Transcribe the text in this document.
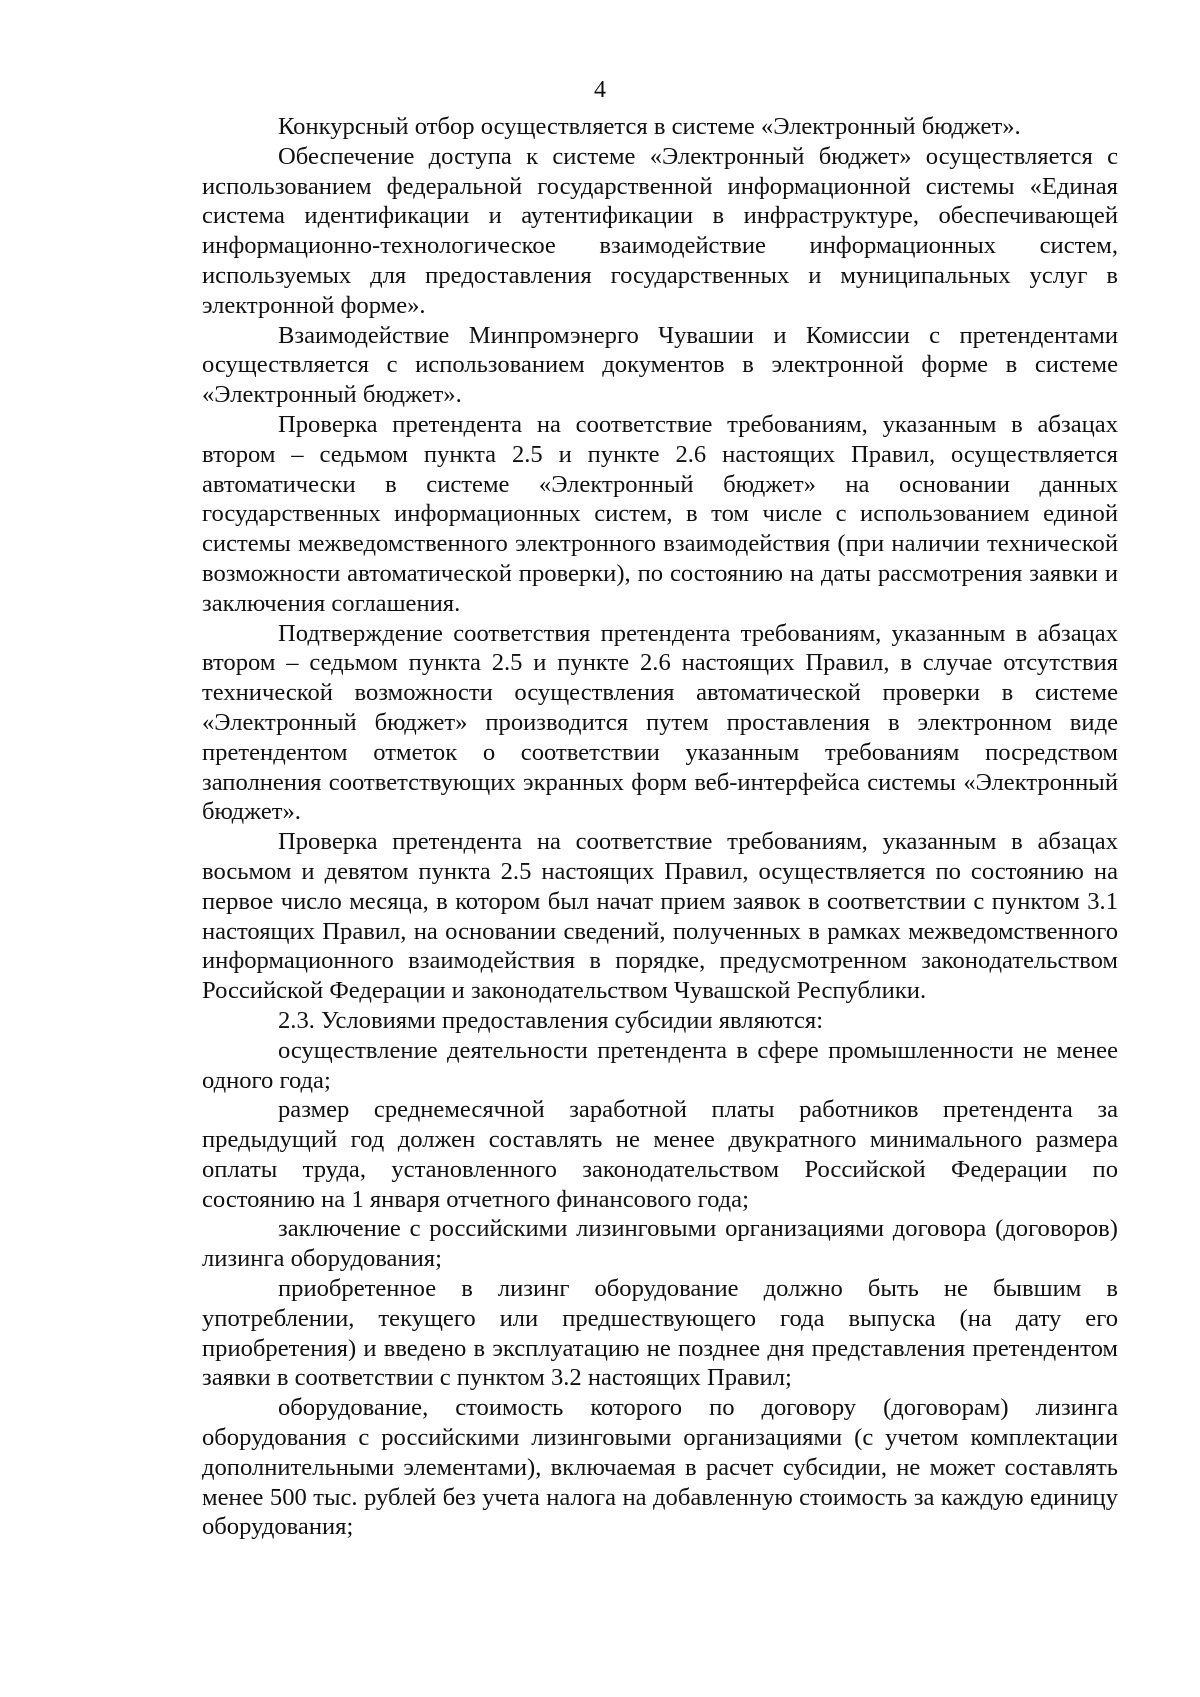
4

Конкурсный отбор осуществляется в системе «Электронный бюджет».

Обеспечение доступа к системе «Электронный бюджет» осуществляется с использованием федеральной государственной информационной системы «Единая система идентификации и аутентификации в инфраструктуре, обеспечивающей информационно-технологическое взаимодействие информационных систем, используемых для предоставления государственных и муниципальных услуг в электронной форме».

Взаимодействие Минпромэнерго Чувашии и Комиссии с претендентами осуществляется с использованием документов в электронной форме в системе «Электронный бюджет».

Проверка претендента на соответствие требованиям, указанным в абзацах втором – седьмом пункта 2.5 и пункте 2.6 настоящих Правил, осуществляется автоматически в системе «Электронный бюджет» на основании данных государственных информационных систем, в том числе с использованием единой системы межведомственного электронного взаимодействия (при наличии технической возможности автоматической проверки), по состоянию на даты рассмотрения заявки и заключения соглашения.

Подтверждение соответствия претендента требованиям, указанным в абзацах втором – седьмом пункта 2.5 и пункте 2.6 настоящих Правил, в случае отсутствия технической возможности осуществления автоматической проверки в системе «Электронный бюджет» производится путем проставления в электронном виде претендентом отметок о соответствии указанным требованиям посредством заполнения соответствующих экранных форм веб-интерфейса системы «Электронный бюджет».

Проверка претендента на соответствие требованиям, указанным в абзацах восьмом и девятом пункта 2.5 настоящих Правил, осуществляется по состоянию на первое число месяца, в котором был начат прием заявок в соответствии с пунктом 3.1 настоящих Правил, на основании сведений, полученных в рамках межведомственного информационного взаимодействия в порядке, предусмотренном законодательством Российской Федерации и законодательством Чувашской Республики.

2.3. Условиями предоставления субсидии являются:

осуществление деятельности претендента в сфере промышленности не менее одного года;

размер среднемесячной заработной платы работников претендента за предыдущий год должен составлять не менее двукратного минимального размера оплаты труда, установленного законодательством Российской Федерации по состоянию на 1 января отчетного финансового года;

заключение с российскими лизинговыми организациями договора (договоров) лизинга оборудования;

приобретенное в лизинг оборудование должно быть не бывшим в употреблении, текущего или предшествующего года выпуска (на дату его приобретения) и введено в эксплуатацию не позднее дня представления претендентом заявки в соответствии с пунктом 3.2 настоящих Правил;

оборудование, стоимость которого по договору (договорам) лизинга оборудования с российскими лизинговыми организациями (с учетом комплектации дополнительными элементами), включаемая в расчет субсидии, не может составлять менее 500 тыс. рублей без учета налога на добавленную стоимость за каждую единицу оборудования;
